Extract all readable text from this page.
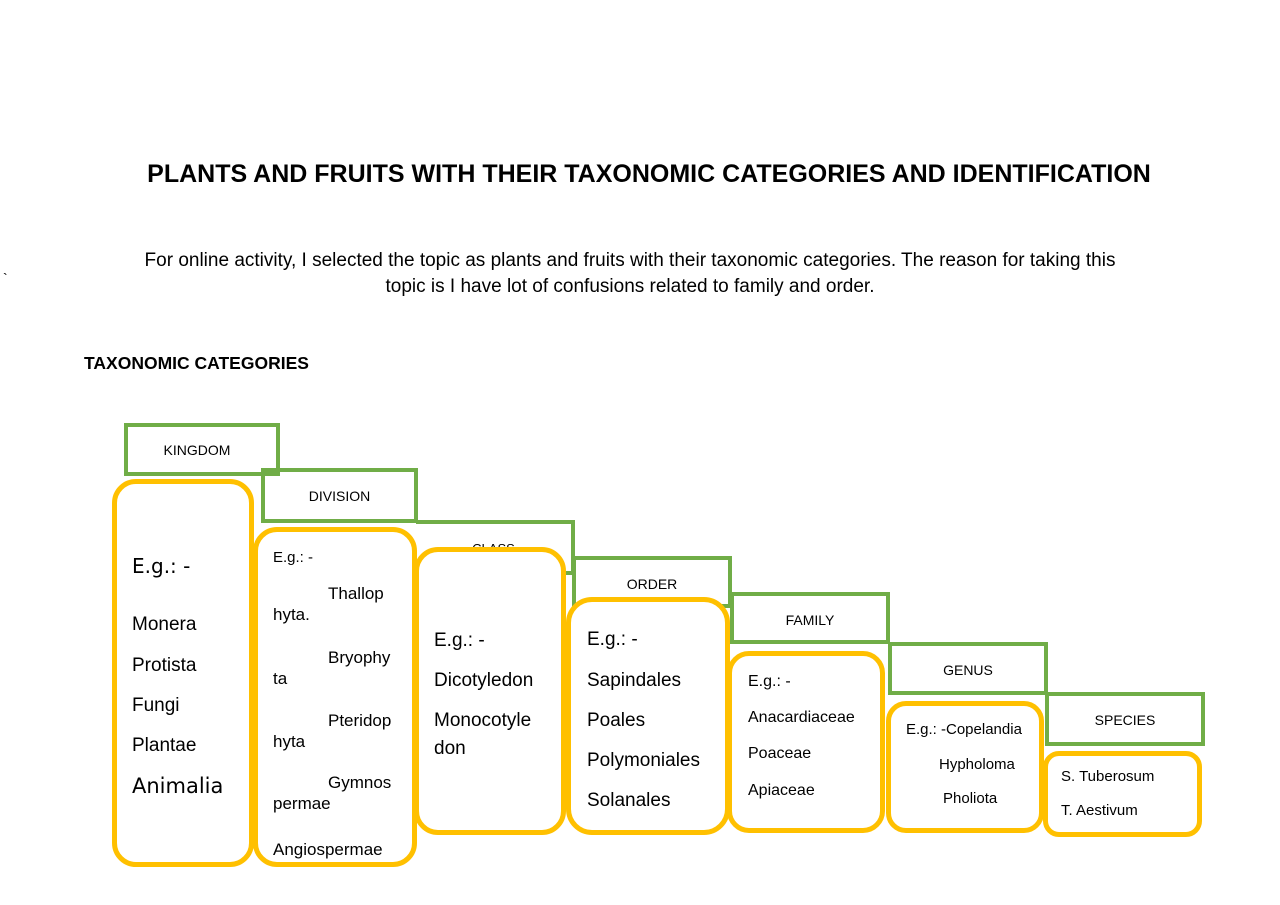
PLANTS AND FRUITS WITH THEIR TAXONOMIC CATEGORIES AND IDENTIFICATION
For online activity, I selected the topic as plants and fruits with their taxonomic categories. The reason for taking this
topic is I have lot of confusions related to family and order.
`
TAXONOMIC CATEGORIES
KINGDOM
E.g.: -
Monera
Protista
Fungi
Plantae
Animalia
DIVISION
E.g.: -
Thallop
hyta.
Bryophy
ta
Pteridop
hyta
Gymnos
permae
Angiospermae
E.g.: -
Dicotyledon
Monocotyle
don
ORDER
E.g.: -
Sapindales
Poales
Polymoniales
Solanales
FAMILY
E.g.: -
Anacardiaceae
Poaceae
Apiaceae
GENUS
E.g.: -Copelandia
Hypholoma
Pholiota
SPECIES
S. Tuberosum
T. Aestivum
